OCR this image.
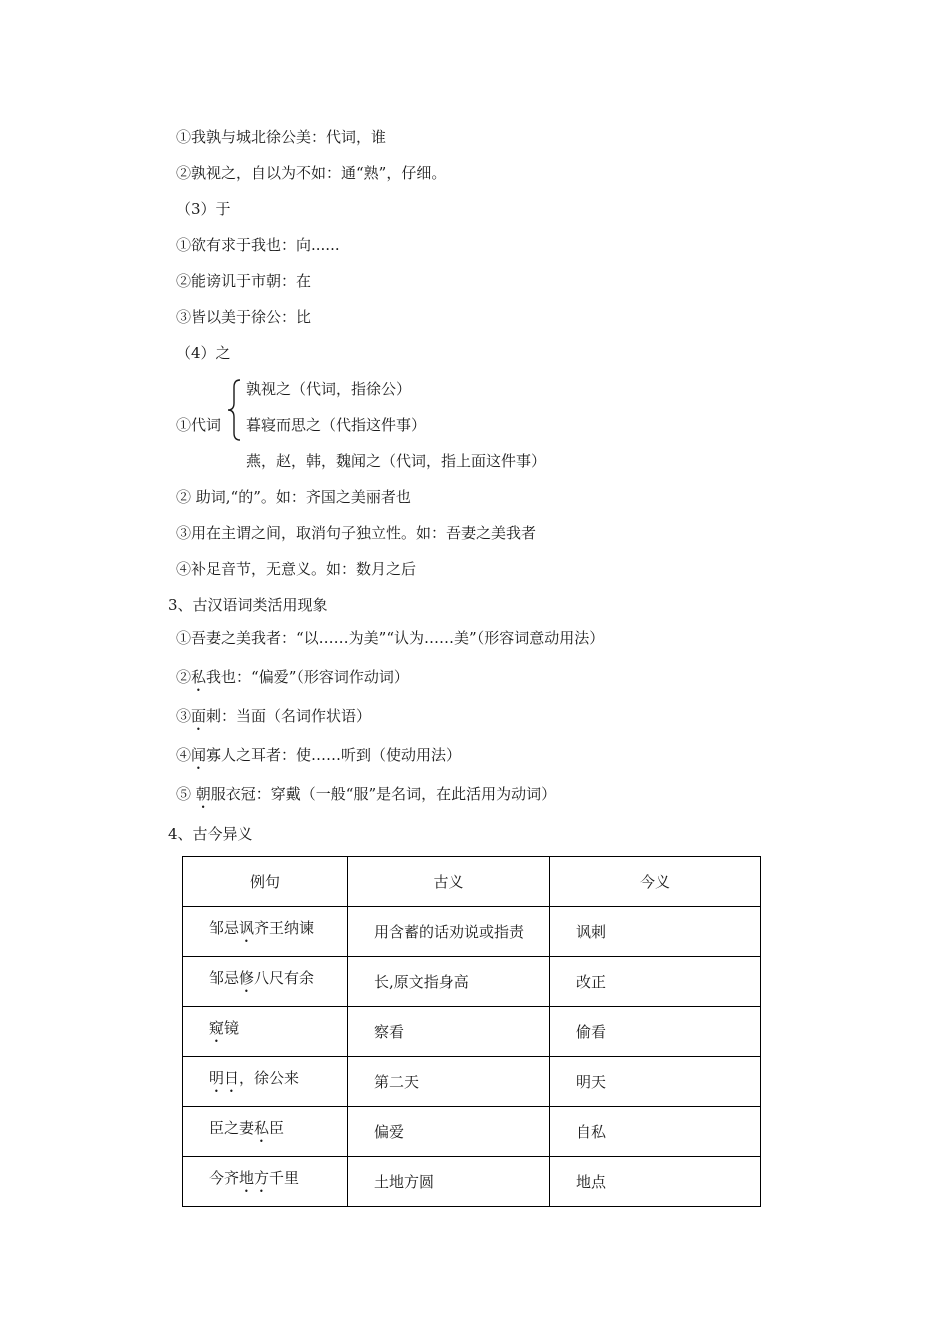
①我孰与城北徐公美：代词，谁
②孰视之，自以为不如：通“熟”，仔细。
（3）于
①欲有求于我也：向......
②能谤讥于市朝：在
③皆以美于徐公：比
（4）之
①代词
孰视之（代词，指徐公）
暮寝而思之（代指这件事）
燕，赵，韩，魏闻之（代词，指上面这件事）
② 助词,“的”。如：齐国之美丽者也
③用在主谓之间，取消句子独立性。如：吾妻之美我者
④补足音节，无意义。如：数月之后
3、古汉语词类活用现象
①吾妻之美我者：“以……为美”“认为……美”（形容词意动用法）
②私我也：“偏爱”（形容词作动词）
③面刺：当面（名词作状语）
④闻寡人之耳者：使……听到（使动用法）
⑤ 朝服衣冠：穿戴（一般“服”是名词，在此活用为动词）
4、古今异义
例句	古义	今义
邹忌讽齐王纳谏	用含蓄的话劝说或指责	讽刺
邹忌修八尺有余	长,原文指身高	改正
窥镜	察看	偷看
明日，徐公来	第二天	明天
臣之妻私臣	偏爱	自私
今齐地方千里	土地方圆	地点
